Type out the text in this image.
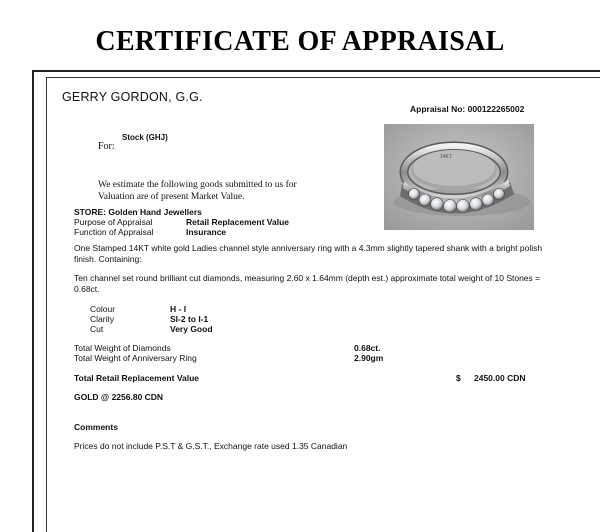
CERTIFICATE OF APPRAISAL
GERRY GORDON, G.G.
Appraisal No: 000122265002
For:
Stock (GHJ)
We estimate the following goods submitted to us for Valuation are of present Market Value.
14KT
STORE: Golden Hand Jewellers
Purpose of Appraisal	Retail Replacement Value
Function of Appraisal	Insurance
One Stamped 14KT white gold Ladies channel style anniversary ring with a 4.3mm slightly tapered shank with a bright polish finish. Containing:
Ten channel set round brilliant cut diamonds, measuring 2.60 x 1.64mm (depth est.) approximate total weight of 10 Stones = 0.68ct.
Colour	H - I
Clarity	SI-2 to I-1
Cut	Very Good
Total Weight of Diamonds	0.68ct.
Total Weight of Anniversary Ring	2.90gm
Total Retail Replacement Value	$ 2450.00 CDN
GOLD @ 2256.80 CDN
Comments
Prices do not include P.S.T & G.S.T., Exchange rate used 1.35 Canadian
